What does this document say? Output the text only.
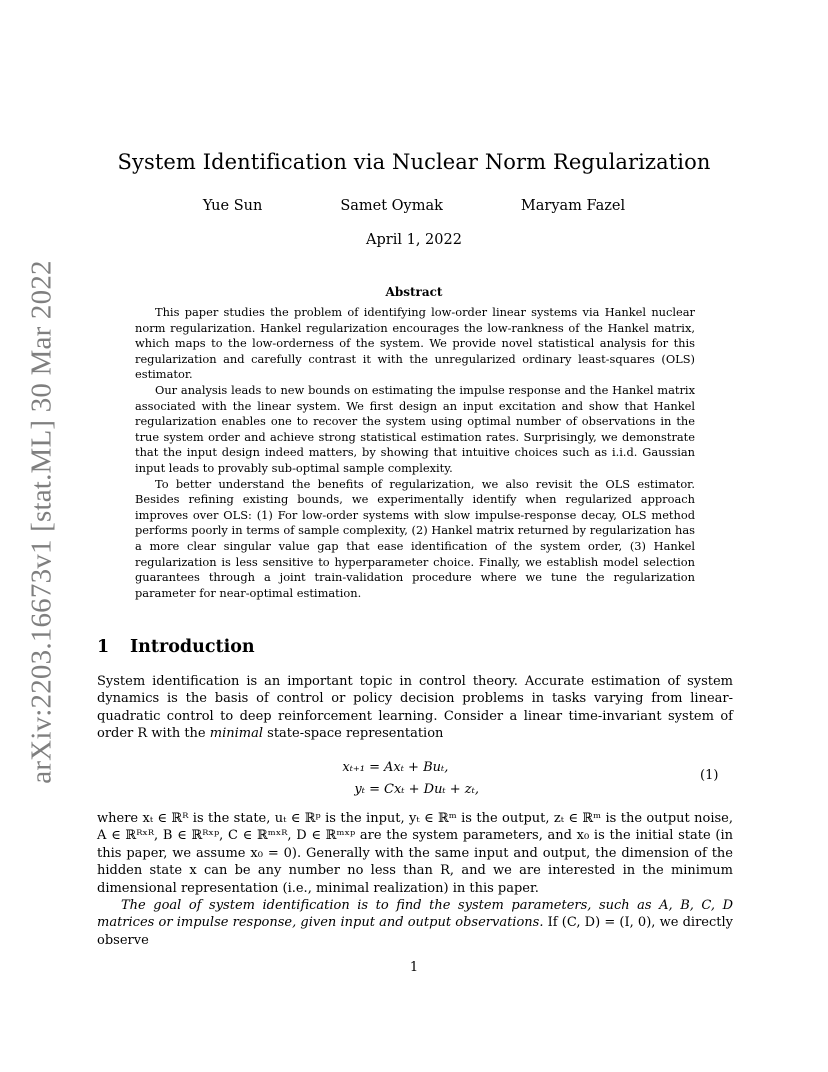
arXiv:2203.16673v1 [stat.ML] 30 Mar 2022
System Identification via Nuclear Norm Regularization
Yue Sun	Samet Oymak	Maryam Fazel
April 1, 2022
Abstract

This paper studies the problem of identifying low-order linear systems via Hankel nuclear norm regularization. Hankel regularization encourages the low-rankness of the Hankel matrix, which maps to the low-orderness of the system. We provide novel statistical analysis for this regularization and carefully contrast it with the unregularized ordinary least-squares (OLS) estimator.

Our analysis leads to new bounds on estimating the impulse response and the Hankel matrix associated with the linear system. We first design an input excitation and show that Hankel regularization enables one to recover the system using optimal number of observations in the true system order and achieve strong statistical estimation rates. Surprisingly, we demonstrate that the input design indeed matters, by showing that intuitive choices such as i.i.d. Gaussian input leads to provably sub-optimal sample complexity.

To better understand the benefits of regularization, we also revisit the OLS estimator. Besides refining existing bounds, we experimentally identify when regularized approach improves over OLS: (1) For low-order systems with slow impulse-response decay, OLS method performs poorly in terms of sample complexity, (2) Hankel matrix returned by regularization has a more clear singular value gap that ease identification of the system order, (3) Hankel regularization is less sensitive to hyperparameter choice. Finally, we establish model selection guarantees through a joint train-validation procedure where we tune the regularization parameter for near-optimal estimation.

1 Introduction

System identification is an important topic in control theory. Accurate estimation of system dynamics is the basis of control or policy decision problems in tasks varying from linear-quadratic control to deep reinforcement learning. Consider a linear time-invariant system of order R with the minimal state-space representation

xₜ₊₁ = Axₜ + Buₜ,
yₜ = Cxₜ + Duₜ + zₜ,
(1)

where xₜ ∈ ℝᴿ is the state, uₜ ∈ ℝᵖ is the input, yₜ ∈ ℝᵐ is the output, zₜ ∈ ℝᵐ is the output noise, A ∈ ℝᴿˣᴿ, B ∈ ℝᴿˣᵖ, C ∈ ℝᵐˣᴿ, D ∈ ℝᵐˣᵖ are the system parameters, and x₀ is the initial state (in this paper, we assume x₀ = 0). Generally with the same input and output, the dimension of the hidden state x can be any number no less than R, and we are interested in the minimum dimensional representation (i.e., minimal realization) in this paper.

The goal of system identification is to find the system parameters, such as A, B, C, D matrices or impulse response, given input and output observations. If (C, D) = (I, 0), we directly observe

1
